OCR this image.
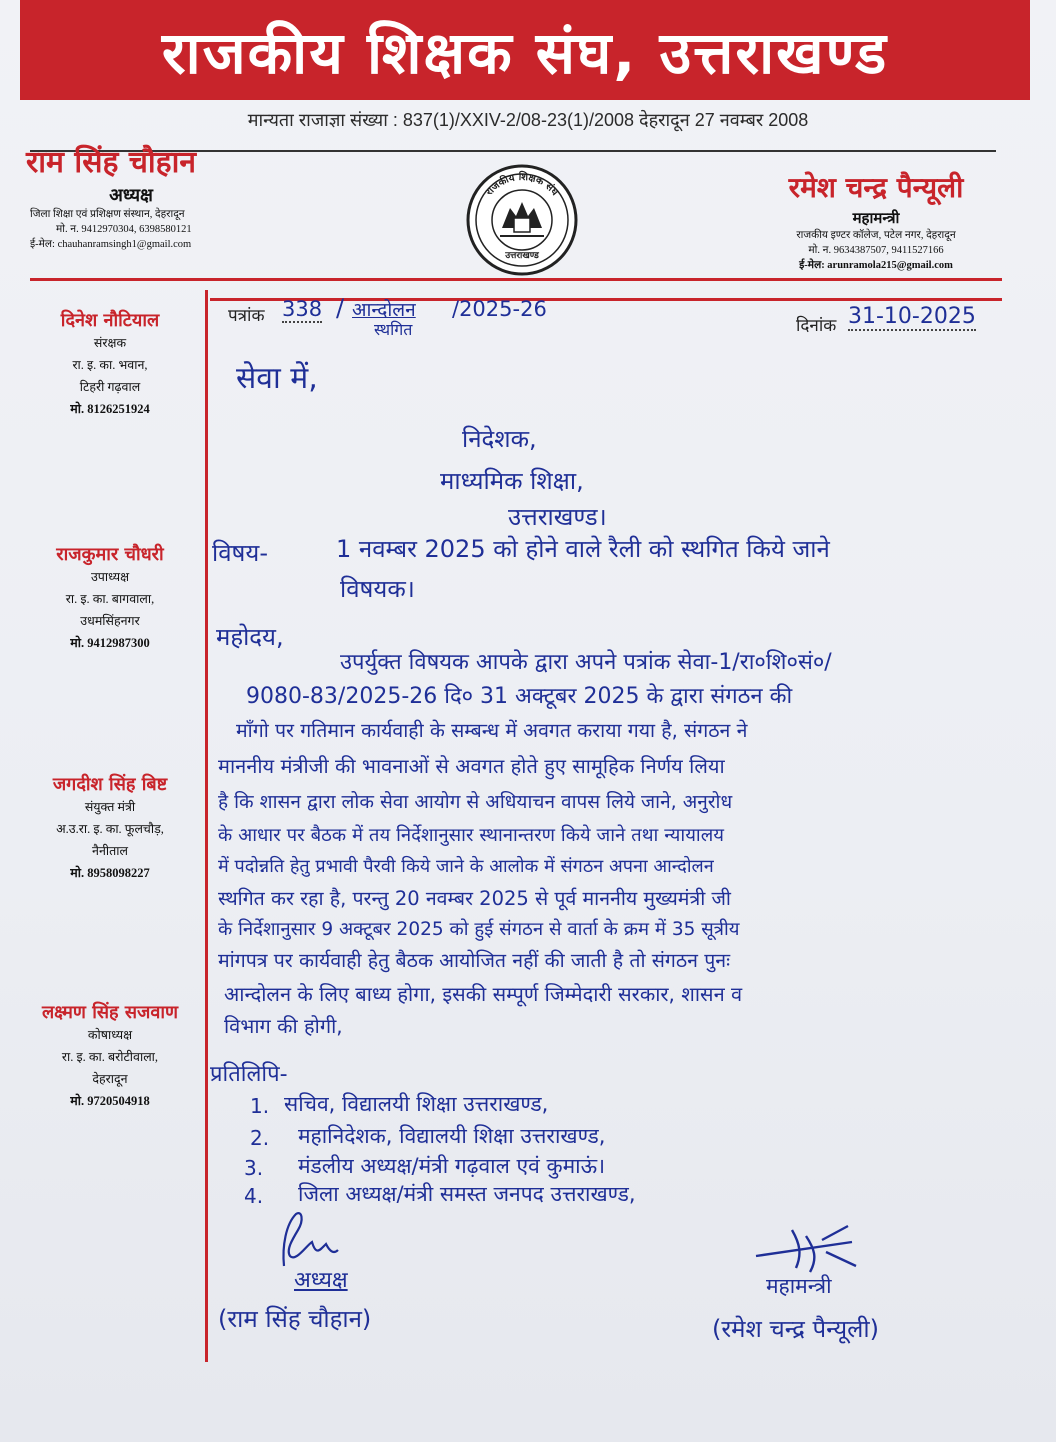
राजकीय शिक्षक संघ, उत्तराखण्ड
मान्यता राजाज्ञा संख्या : 837(1)/XXIV-2/08-23(1)/2008 देहरादून 27 नवम्बर 2008
राम सिंह चौहान
अध्यक्ष
जिला शिक्षा एवं प्रशिक्षण संस्थान, देहरादून
मो. न. 9412970304, 6398580121
ई-मेल: chauhanramsingh1@gmail.com
राजकीय शिक्षक संघ
उत्तराखण्ड
रमेश चन्द्र पैन्यूली
महामन्त्री
राजकीय इण्टर कॉलेज, पटेल नगर, देहरादून
मो. न. 9634387507, 9411527166
ई-मेल: arunramola215@gmail.com
दिनेश नौटियाल
संरक्षक
रा. इ. का. भवान,
टिहरी गढ़वाल
मो. 8126251924
राजकुमार चौधरी
उपाध्यक्ष
रा. इ. का. बागवाला,
उधमसिंहनगर
मो. 9412987300
जगदीश सिंह बिष्ट
संयुक्त मंत्री
अ.उ.रा. इ. का. फूलचौड़,
नैनीताल
मो. 8958098227
लक्ष्मण सिंह सजवाण
कोषाध्यक्ष
रा. इ. का. बरोटीवाला,
देहरादून
मो. 9720504918
पत्रांक 338 / आन्दोलन
स्थगित
/2025-26
दिनांक 31-10-2025
सेवा में,
निदेशक,
माध्यमिक शिक्षा,
उत्तराखण्ड।
विषय-	1 नवम्बर 2025 को होने वाले रैली को स्थगित किये जाने
विषयक।
महोदय,
उपर्युक्त विषयक आपके द्वारा अपने पत्रांक सेवा-1/रा०शि०सं०/
9080-83/2025-26 दि० 31 अक्टूबर 2025 के द्वारा संगठन की
माँगो पर गतिमान कार्यवाही के सम्बन्ध में अवगत कराया गया है, संगठन ने
माननीय मंत्रीजी की भावनाओं से अवगत होते हुए सामूहिक निर्णय लिया
है कि शासन द्वारा लोक सेवा आयोग से अधियाचन वापस लिये जाने, अनुरोध
के आधार पर बैठक में तय निर्देशानुसार स्थानान्तरण किये जाने तथा न्यायालय
में पदोन्नति हेतु प्रभावी पैरवी किये जाने के आलोक में संगठन अपना आन्दोलन
स्थगित कर रहा है, परन्तु 20 नवम्बर 2025 से पूर्व माननीय मुख्यमंत्री जी
के निर्देशानुसार 9 अक्टूबर 2025 को हुई संगठन से वार्ता के क्रम में 35 सूत्रीय
मांगपत्र पर कार्यवाही हेतु बैठक आयोजित नहीं की जाती है तो संगठन पुनः
आन्दोलन के लिए बाध्य होगा, इसकी सम्पूर्ण जिम्मेदारी सरकार, शासन व
विभाग की होगी,
प्रतिलिपि-
1. सचिव, विद्यालयी शिक्षा उत्तराखण्ड,
2. महानिदेशक, विद्यालयी शिक्षा उत्तराखण्ड,
3. मंडलीय अध्यक्ष/मंत्री गढ़वाल एवं कुमाऊं।
4. जिला अध्यक्ष/मंत्री समस्त जनपद उत्तराखण्ड,
अध्यक्ष
(राम सिंह चौहान)
महामन्त्री
(रमेश चन्द्र पैन्यूली)
